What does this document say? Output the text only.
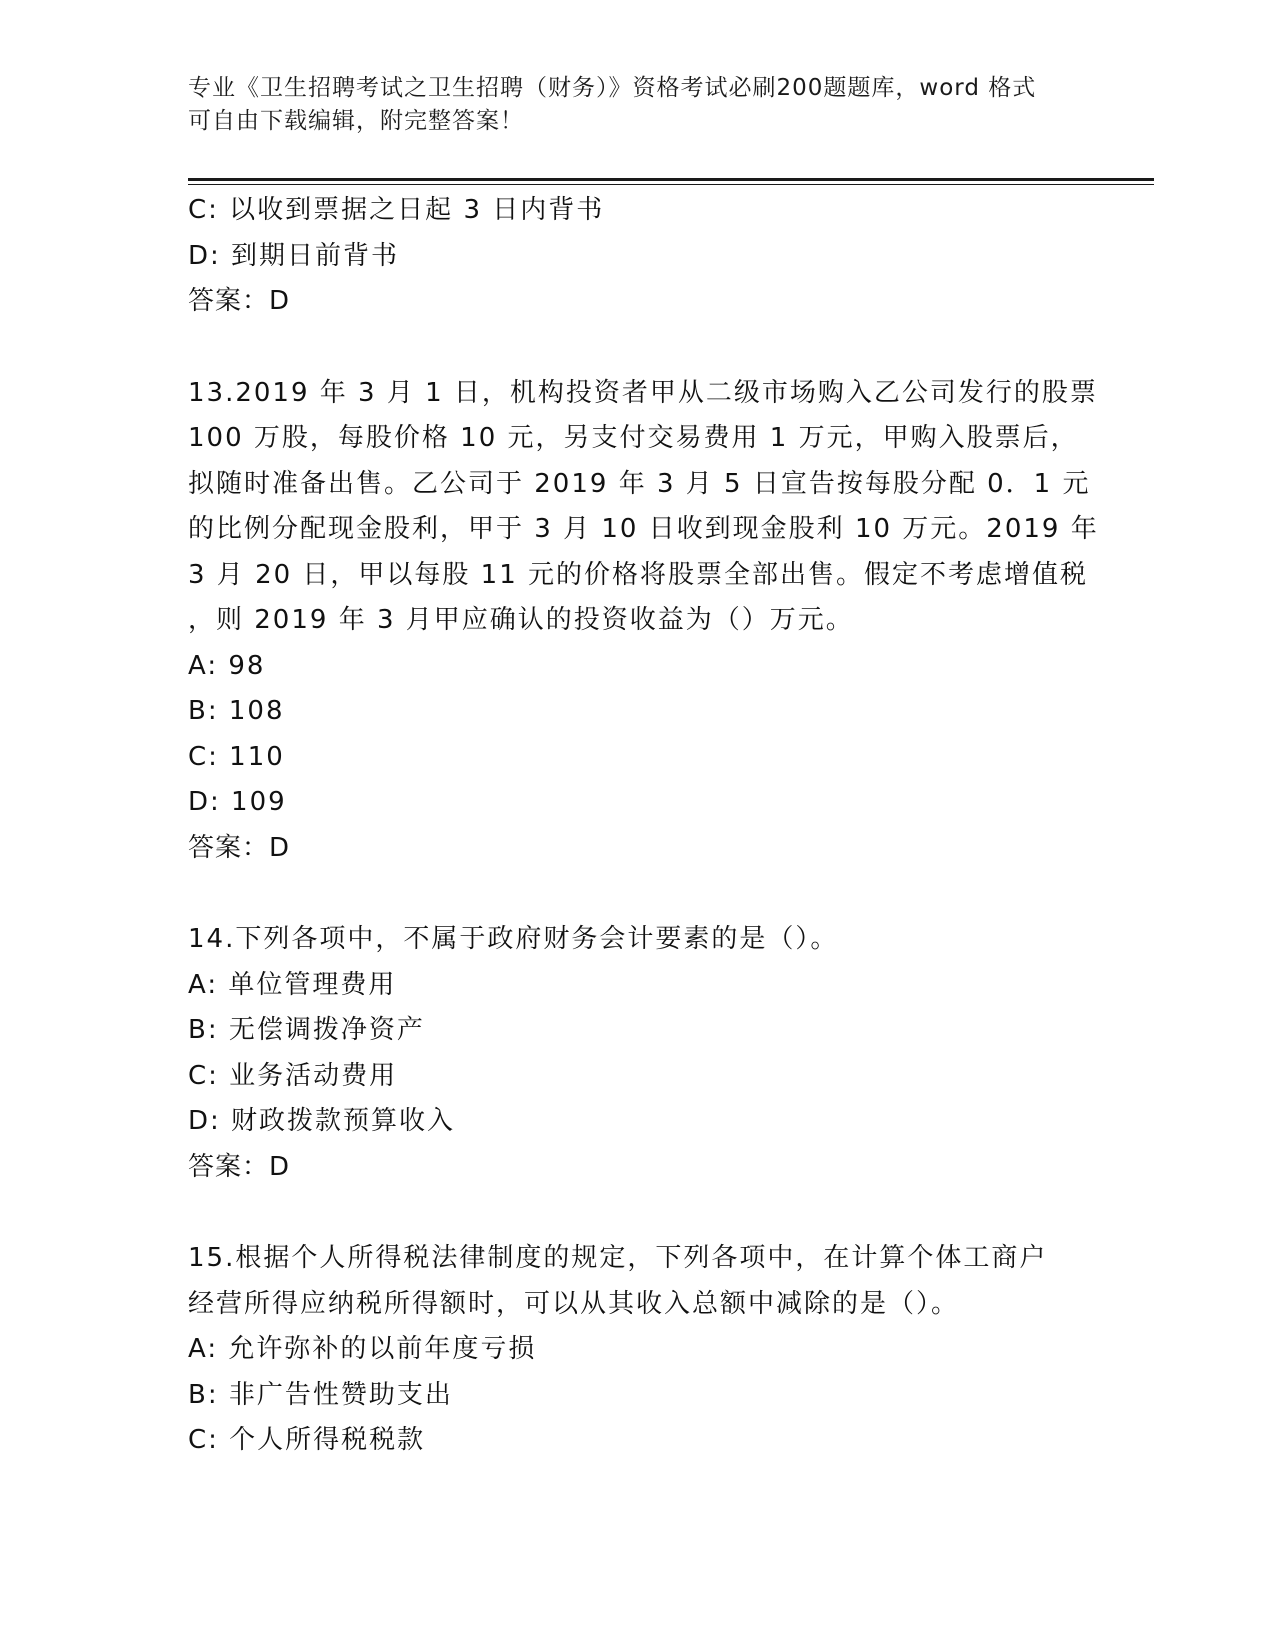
专业《卫生招聘考试之卫生招聘（财务）》资格考试必刷200题题库，word 格式
可自由下载编辑，附完整答案！
C: 以收到票据之日起 3 日内背书
D: 到期日前背书
答案：D
13.2019 年 3 月 1 日，机构投资者甲从二级市场购入乙公司发行的股票
100 万股，每股价格 10 元，另支付交易费用 1 万元，甲购入股票后，
拟随时准备出售。乙公司于 2019 年 3 月 5 日宣告按每股分配 0．1 元
的比例分配现金股利，甲于 3 月 10 日收到现金股利 10 万元。2019 年
3 月 20 日，甲以每股 11 元的价格将股票全部出售。假定不考虑增值税
，则 2019 年 3 月甲应确认的投资收益为（）万元。
A: 98
B: 108
C: 110
D: 109
答案：D
14.下列各项中，不属于政府财务会计要素的是（）。
A: 单位管理费用
B: 无偿调拨净资产
C: 业务活动费用
D: 财政拨款预算收入
答案：D
15.根据个人所得税法律制度的规定，下列各项中，在计算个体工商户
经营所得应纳税所得额时，可以从其收入总额中减除的是（）。
A: 允许弥补的以前年度亏损
B: 非广告性赞助支出
C: 个人所得税税款
